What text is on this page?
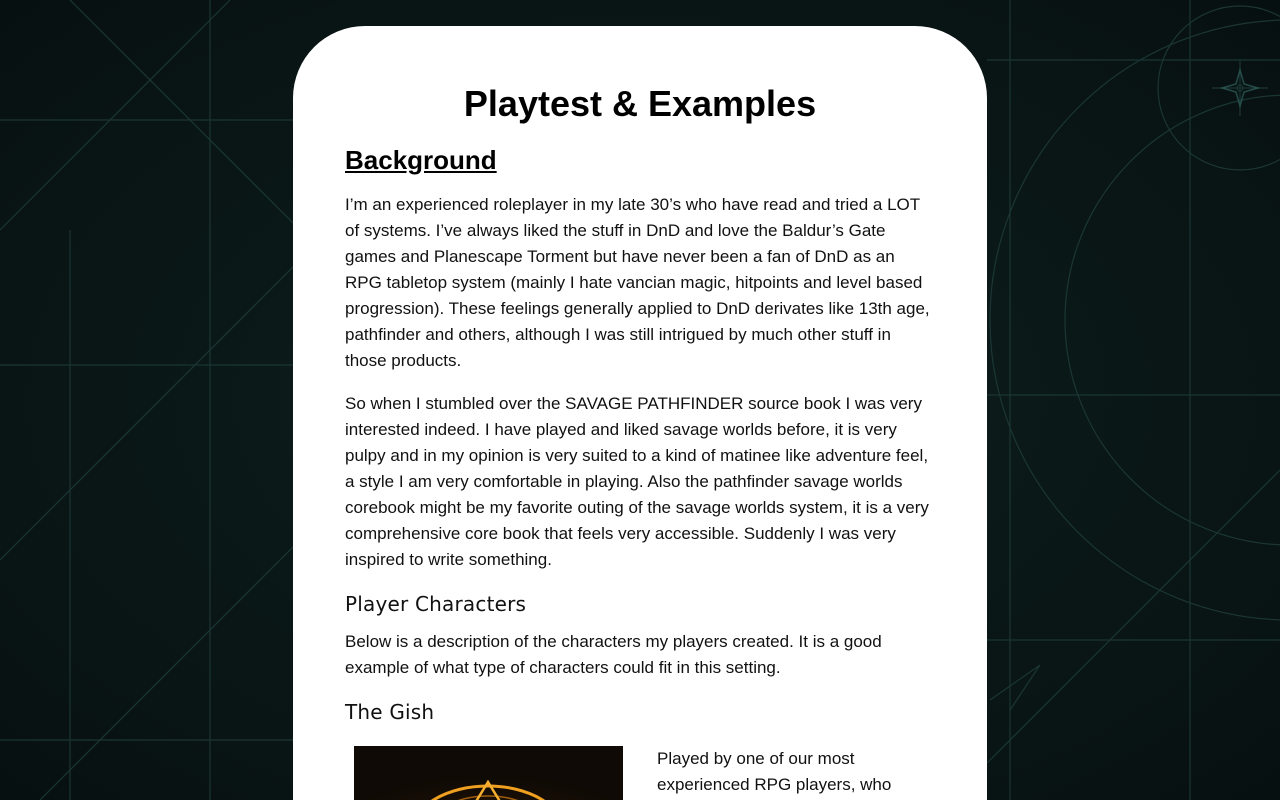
Playtest & Examples
Background

I’m an experienced roleplayer in my late 30’s who have read and tried a LOT of systems. I’ve always liked the stuff in DnD and love the Baldur’s Gate games and Planescape Torment but have never been a fan of DnD as an RPG tabletop system (mainly I hate vancian magic, hitpoints and level based progression). These feelings generally applied to DnD derivates like 13th age, pathfinder and others, although I was still intrigued by much other stuff in those products.

So when I stumbled over the SAVAGE PATHFINDER source book I was very interested indeed. I have played and liked savage worlds before, it is very pulpy and in my opinion is very suited to a kind of matinee like adventure feel, a style I am very comfortable in playing. Also the pathfinder savage worlds corebook might be my favorite outing of the savage worlds system, it is a very comprehensive core book that feels very accessible. Suddenly I was very inspired to write something.

Player Characters

Below is a description of the characters my players created. It is a good example of what type of characters could fit in this setting.

The Gish
Played by one of our most experienced RPG players, who
